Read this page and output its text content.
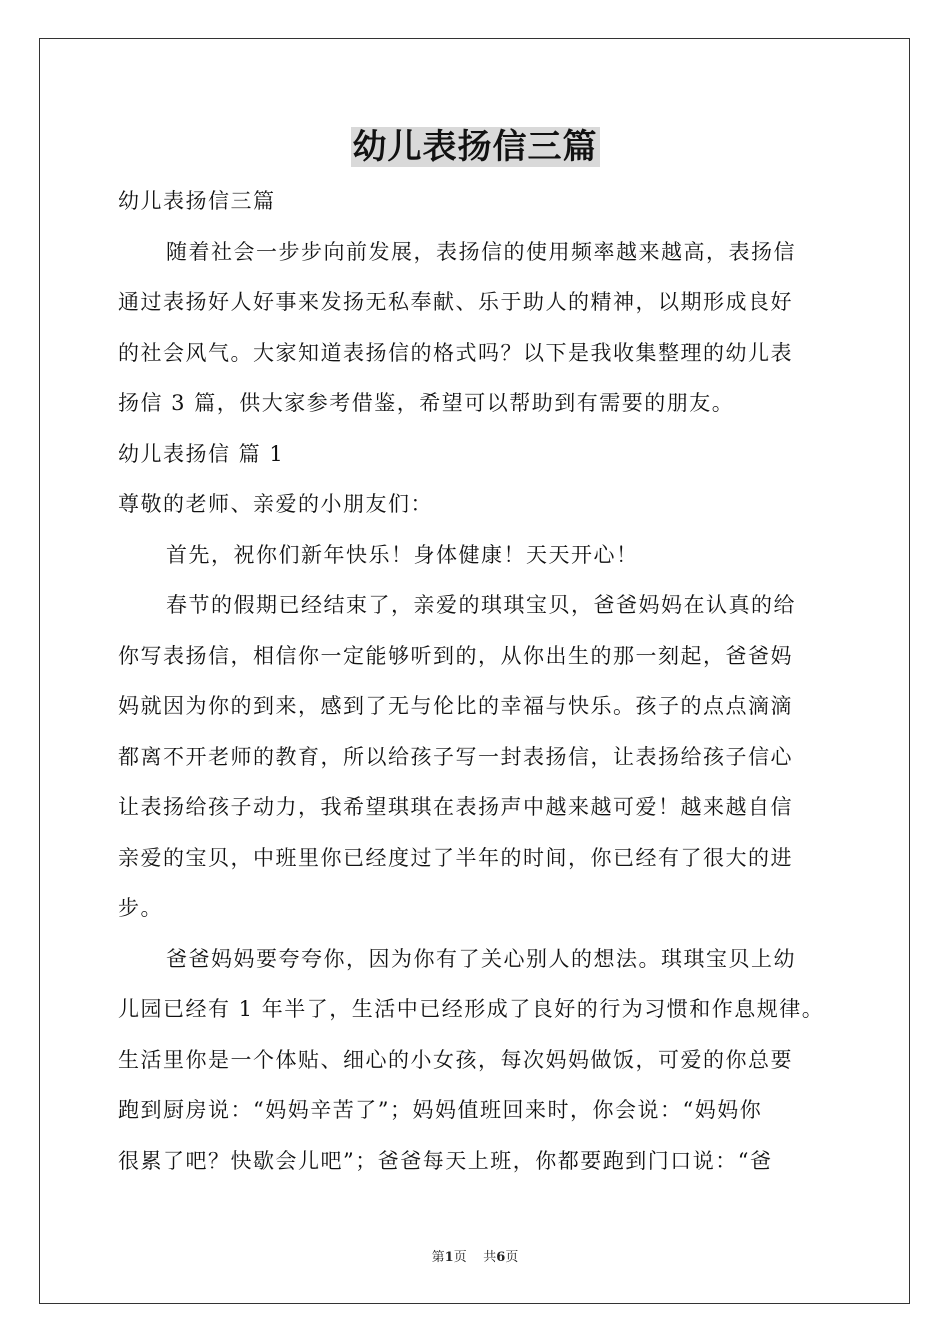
幼儿表扬信三篇
幼儿表扬信三篇
随着社会一步步向前发展，表扬信的使用频率越来越高，表扬信
通过表扬好人好事来发扬无私奉献、乐于助人的精神，以期形成良好
的社会风气。大家知道表扬信的格式吗？以下是我收集整理的幼儿表
扬信 3 篇，供大家参考借鉴，希望可以帮助到有需要的朋友。
幼儿表扬信 篇 1
尊敬的老师、亲爱的小朋友们：
首先，祝你们新年快乐！身体健康！天天开心！
春节的假期已经结束了，亲爱的琪琪宝贝，爸爸妈妈在认真的给
你写表扬信，相信你一定能够听到的，从你出生的那一刻起，爸爸妈
妈就因为你的到来，感到了无与伦比的幸福与快乐。孩子的点点滴滴
都离不开老师的教育，所以给孩子写一封表扬信，让表扬给孩子信心
让表扬给孩子动力，我希望琪琪在表扬声中越来越可爱！越来越自信
亲爱的宝贝，中班里你已经度过了半年的时间，你已经有了很大的进
步。
爸爸妈妈要夸夸你，因为你有了关心别人的想法。琪琪宝贝上幼
儿园已经有 1 年半了，生活中已经形成了良好的行为习惯和作息规律。
生活里你是一个体贴、细心的小女孩，每次妈妈做饭，可爱的你总要
跑到厨房说：“妈妈辛苦了”；妈妈值班回来时，你会说：“妈妈你
很累了吧？快歇会儿吧”；爸爸每天上班，你都要跑到门口说：“爸
第1页 共6页
